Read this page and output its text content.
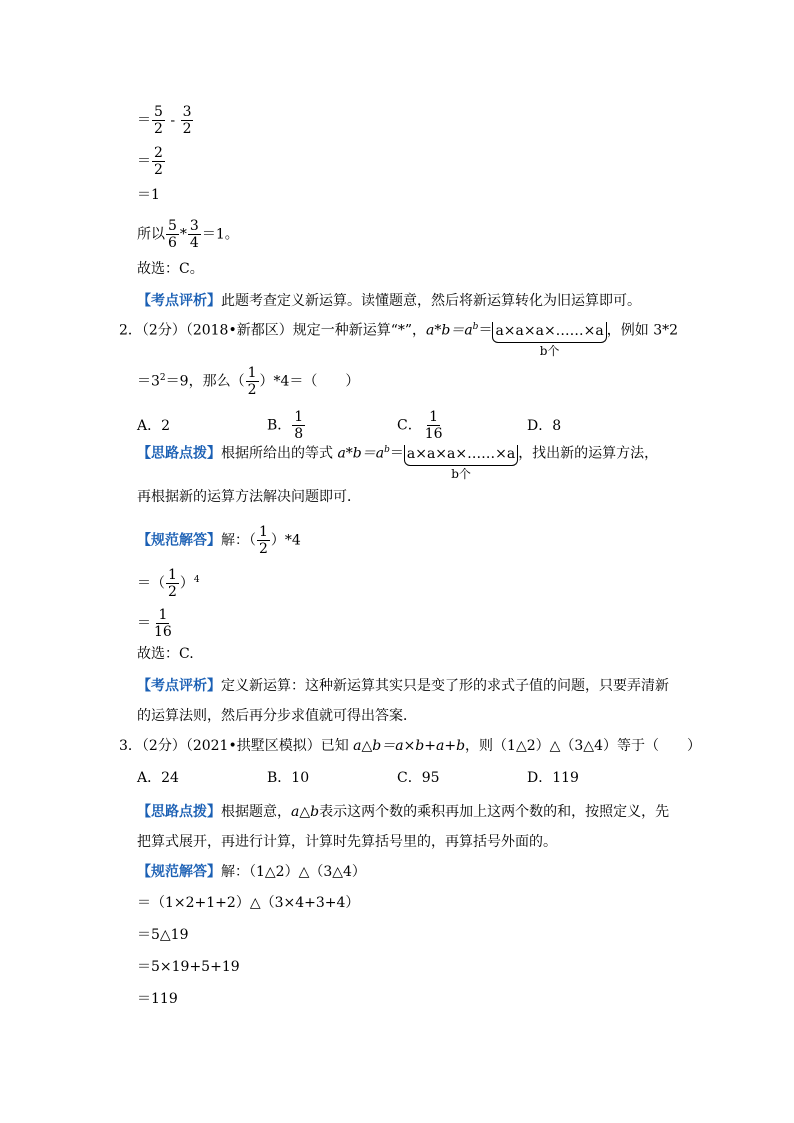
＝ $\frac{5}{2} - \frac{3}{2}$
＝ $\frac{2}{2}$
＝1
所以 $\frac{5}{6} * \frac{3}{4} =1$。
故选：C。
【考点评析】此题考查定义新运算。读懂题意，然后将新运算转化为旧运算即可。
2．（2分）（2018•新都区）规定一种新运算“*”，$a*b=a^b=$ a×a×a×……×a
b个
，例如 3*2
$=3^2=9$，那么（ $\frac{1}{2} )*4=$（　　）
A．2	B． $\frac{1}{8}$	C． $\frac{1}{16}$	D．8
【思路点拨】根据所给出的等式 $a*b=a^b=$ a×a×a×……×a
b个
，找出新的运算方法，
再根据新的运算方法解决问题即可．
【规范解答】解：（ $\frac{1}{2} )*4$
＝（ $\frac{1}{2} )^4$
＝ $\frac{1}{16}$
故选：C.
【考点评析】定义新运算：这种新运算其实只是变了形的求式子值的问题，只要弄清新
的运算法则，然后再分步求值就可得出答案．
3．（2分）（2021•拱墅区模拟）已知 a△b＝a×b+a+b，则（1△2）△（3△4）等于（　　）
A．24	B．10	C．95	D．119
【思路点拨】根据题意，a△b表示这两个数的乘积再加上这两个数的和，按照定义，先
把算式展开，再进行计算，计算时先算括号里的，再算括号外面的。
【规范解答】解：（1△2）△（3△4）
＝（1×2+1+2）△（3×4+3+4）
＝5△19
＝5×19+5+19
＝119
